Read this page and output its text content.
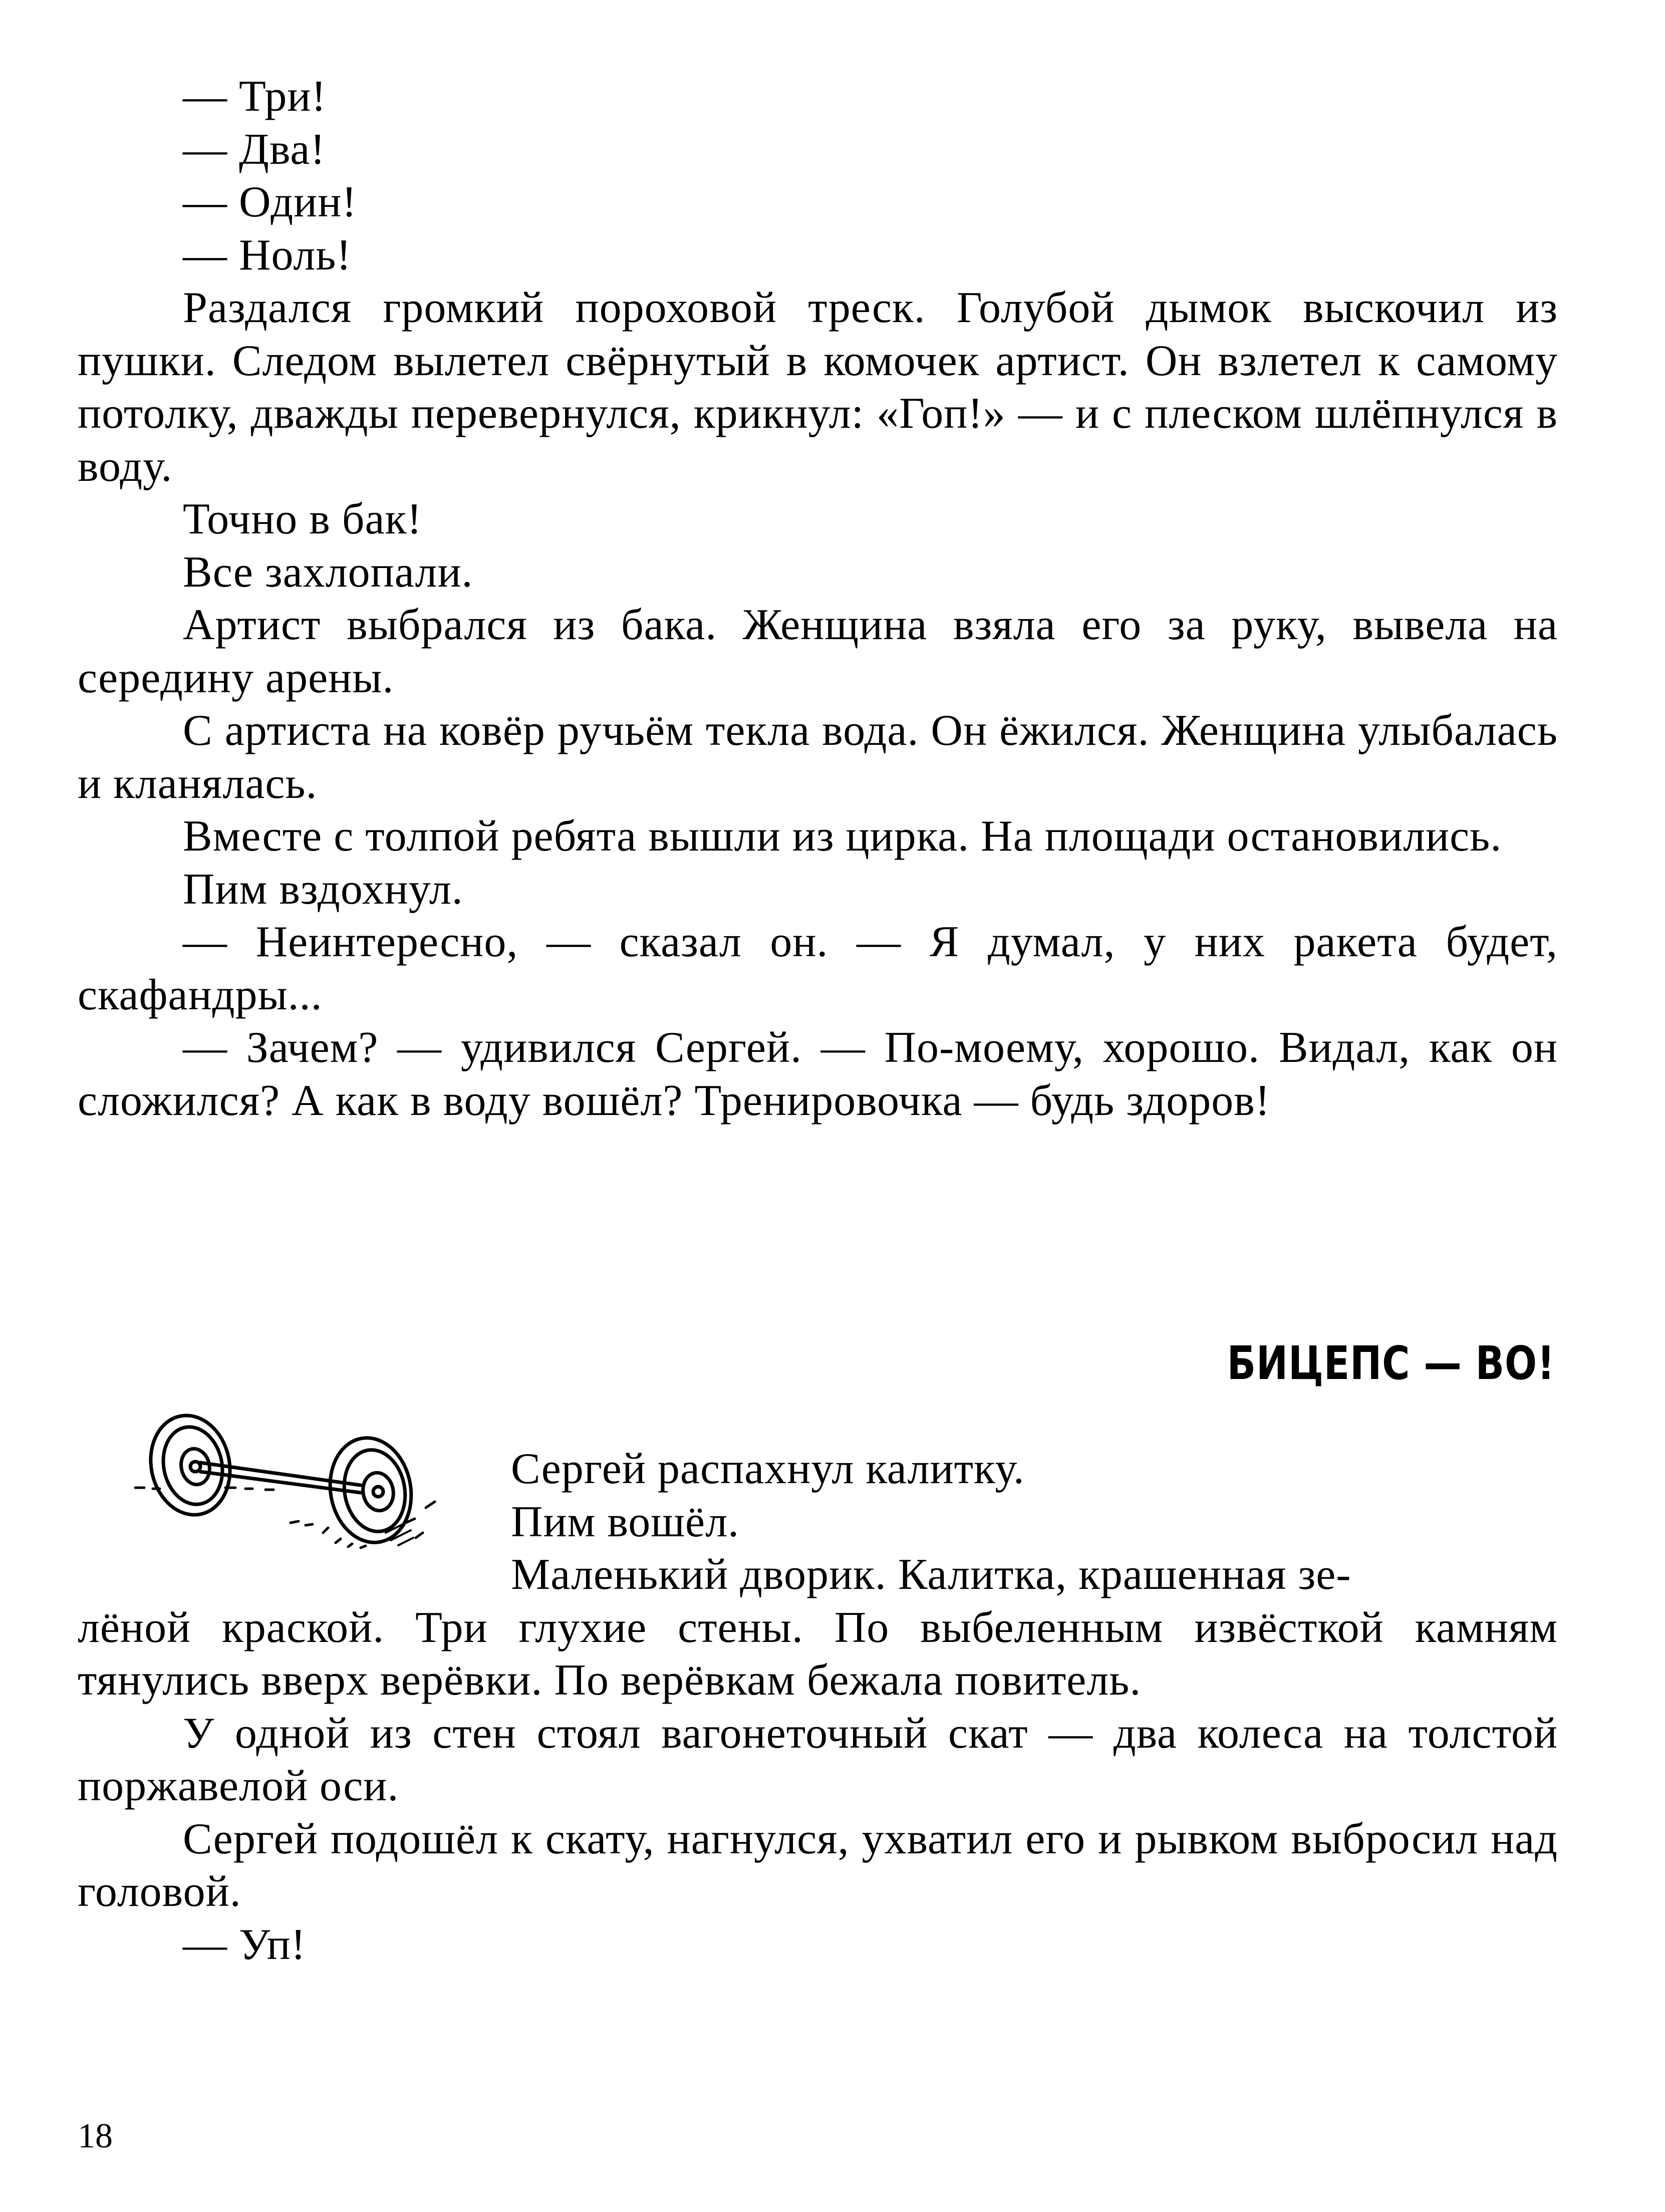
— Три!

— Два!

— Один!

— Ноль!

Раздался громкий пороховой треск. Голубой дымок выскочил из пушки. Следом вылетел свёрнутый в комочек артист. Он взлетел к самому потолку, дважды перевернулся, крикнул: «Гоп!» — и с плеском шлёпнулся в воду.

Точно в бак!

Все захлопали.

Артист выбрался из бака. Женщина взяла его за руку, вывела на середину арены.

С артиста на ковёр ручьём текла вода. Он ёжился. Женщина улыбалась и кланялась.

Вместе с толпой ребята вышли из цирка. На площади остановились.

Пим вздохнул.

— Неинтересно, — сказал он. — Я думал, у них ракета будет, скафандры...

— Зачем? — удивился Сергей. — По-моему, хорошо. Видал, как он сложился? А как в воду вошёл? Тренировочка — будь здоров!

БИЦЕПС — ВО!
Сергей распахнул калитку.
Пим вошёл.
Маленький дворик. Калитка, крашенная зе-

лёной краской. Три глухие стены. По выбеленным извёсткой камням тянулись вверх верёвки. По верёвкам бежала повитель.

У одной из стен стоял вагонеточный скат — два колеса на толстой поржавелой оси.

Сергей подошёл к скату, нагнулся, ухватил его и рывком выбросил над головой.

— Уп!

18
